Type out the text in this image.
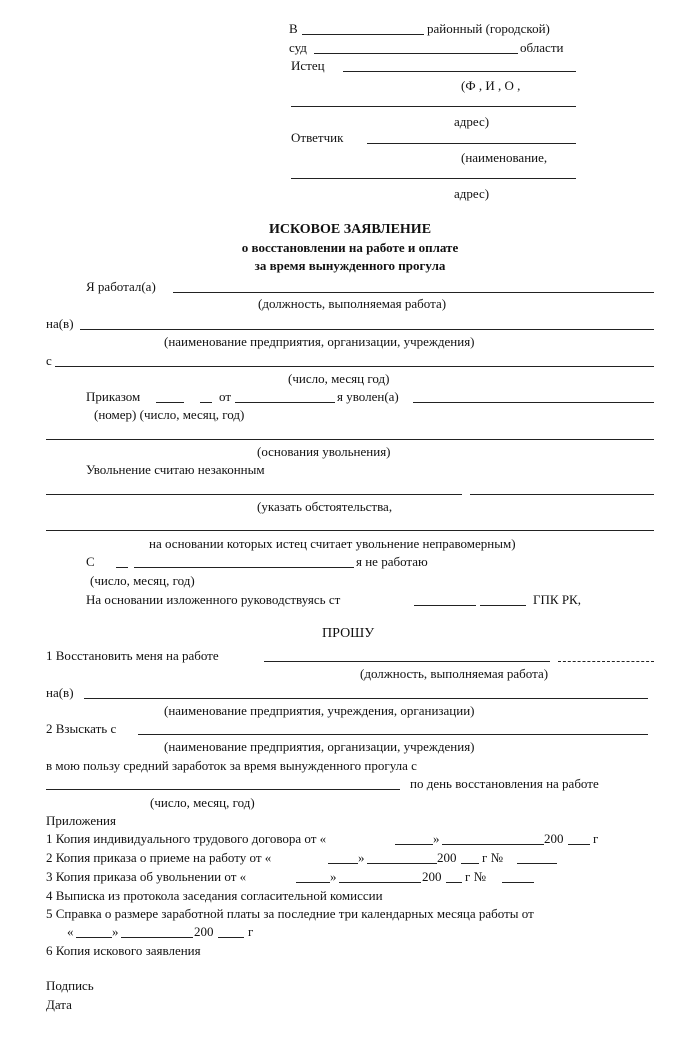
В	районный (городской)
суд	области
Истец
(Ф , И , О ,
адрес)
Ответчик
(наименование,
адрес)
ИСКОВОЕ ЗАЯВЛЕНИЕ
о восстановлении на работе и оплате
за время вынужденного прогула
Я работал(а)
(должность, выполняемая работа)
на(в)
(наименование предприятия, организации, учреждения)
с
(число, месяц год)
Приказом	от	я уволен(а)
(номер) (число, месяц, год)
(основания увольнения)
Увольнение считаю незаконным
(указать обстоятельства,
на основании которых истец считает увольнение неправомерным)
С	я не работаю
(число, месяц, год)
На основании изложенного руководствуясь ст	ГПК РК,
ПРОШУ
1 Восстановить меня на работе
(должность, выполняемая работа)
на(в)
(наименование предприятия, учреждения, организации)
2 Взыскать с
(наименование предприятия, организации, учреждения)
в мою пользу средний заработок за время вынужденного прогула с
по день восстановления на работе
(число, месяц, год)
Приложения
1 Копия индивидуального трудового договора от «	»	200 г
2 Копия приказа о приеме на работу от «	»	200 г №
3 Копия приказа об увольнении от «	»	200 г №
4 Выписка из протокола заседания согласительной комиссии
5 Справка о размере заработной платы за последние три календарных месяца работы от
«	»	200	г
6 Копия искового заявления
Подпись
Дата
